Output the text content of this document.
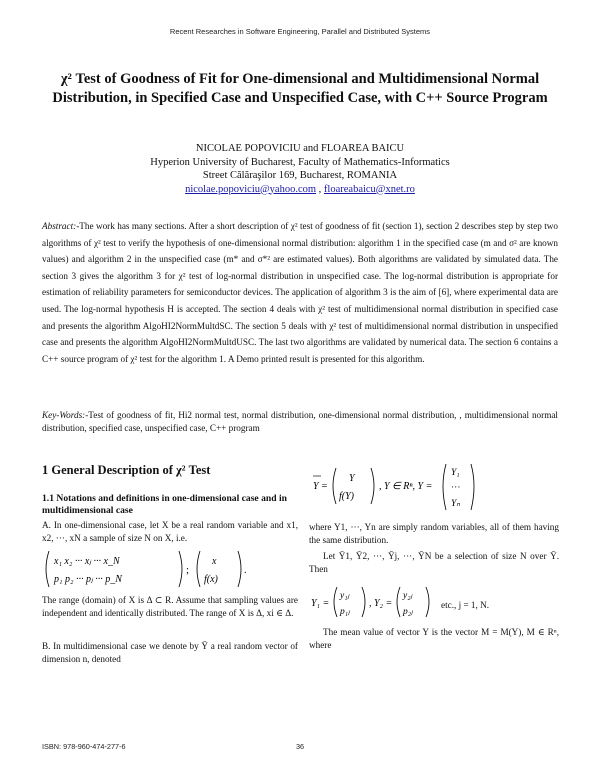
Recent Researches in Software Engineering, Parallel and Distributed Systems
χ² Test of Goodness of Fit for One-dimensional and Multidimensional Normal Distribution, in Specified Case and Unspecified Case, with C++ Source Program

NICOLAE POPOVICIU and FLOAREA BAICU

Hyperion University of Bucharest, Faculty of Mathematics-Informatics

Street Călăraşilor 169, Bucharest, ROMANIA

nicolae.popoviciu@yahoo.com , floareabaicu@xnet.ro

Abstract:-The work has many sections. After a short description of χ² test of goodness of fit (section 1), section 2 describes step by step two algorithms of χ² test to verify the hypothesis of one-dimensional normal distribution: algorithm 1 in the specified case (m and σ² are known values) and algorithm 2 in the unspecified case (m* and σ*² are estimated values). Both algorithms are validated by simulated data. The section 3 gives the algorithm 3 for χ² test of log-normal distribution in unspecified case. The log-normal distribution is appropriate for estimation of reliability parameters for semiconductor devices. The application of algorithm 3 is the aim of [6], where experimental data are used. The log-normal hypothesis H is accepted. The section 4 deals with χ² test of multidimensional normal distribution in specified case and presents the algorithm AlgoHI2NormMultdSC. The section 5 deals with χ² test of multidimensional normal distribution in unspecified case and presents the algorithm AlgoHI2NormMultdUSC. The last two algorithms are validated by numerical data. The section 6 contains a C++ source program of χ² test for the algorithm 1. A Demo printed result is presented for this algorithm.
Key-Words:-Test of goodness of fit, Hi2 normal test, normal distribution, one-dimensional normal distribution, , multidimensional normal distribution, specified case, unspecified case, C++ program
1 General Description of χ² Test
1.1 Notations and definitions in one-dimensional case and in multidimensional case
A. In one-dimensional case, let X be a real random variable and x1, x2, ···, xN a sample of size N on X, i.e.
x₁ x₂ ··· xⱼ ··· x_N
p₁ p₂ ··· pⱼ ··· p_N
;
x
f(x)
.
The range (domain) of X is Δ ⊂ R. Assume that sampling values are independent and identically distributed. The range of X is Δ, xi ∈ Δ.
B. In multidimensional case we denote by Ȳ a real random vector of dimension n, denoted
Y =
Y
f(Y)
, Y ∈ Rⁿ, Y =
Y₁
···
Yₙ
where Y1, ···, Yn are simply random variables, all of them having the same distribution.
Let Ȳ1, Ȳ2, ···, Ȳj, ···, ȲN be a selection of size N over Ȳ. Then
Y₁ =
y₁ⱼ
p₁ⱼ
, Y₂ =
y₂ⱼ
p₂ⱼ
etc., j = 1, N.
The mean value of vector Y is the vector M = M(Y), M ∈ Rⁿ, where
ISBN: 978-960-474-277-6	36
